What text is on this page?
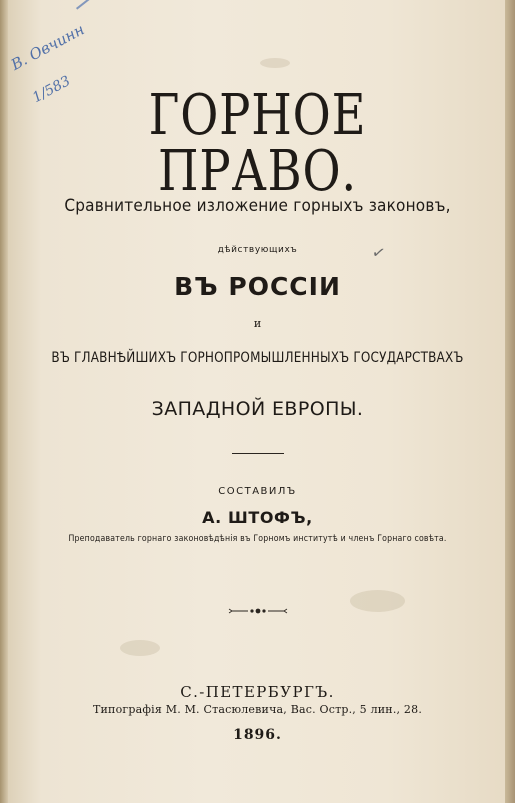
В. Овчинн
1/583
✓
ГОРНОЕ ПРАВО.
Сравнительное изложение горныхъ законовъ,
дѣйствующихъ
ВЪ РОССІИ
и
ВЪ ГЛАВНѢЙШИХЪ ГОРНОПРОМЫШЛЕННЫХЪ ГОСУДАРСТВАХЪ
ЗАПАДНОЙ ЕВРОПЫ.
СОСТАВИЛЪ
А. ШТОФЪ,
Преподаватель горнаго законовѣдѣнія въ Горномъ институтѣ и членъ Горнаго совѣта.
С.-ПЕТЕРБУРГЪ.
Типографія М. М. Стасюлевича, Вас. Остр., 5 лин., 28.
1896.
